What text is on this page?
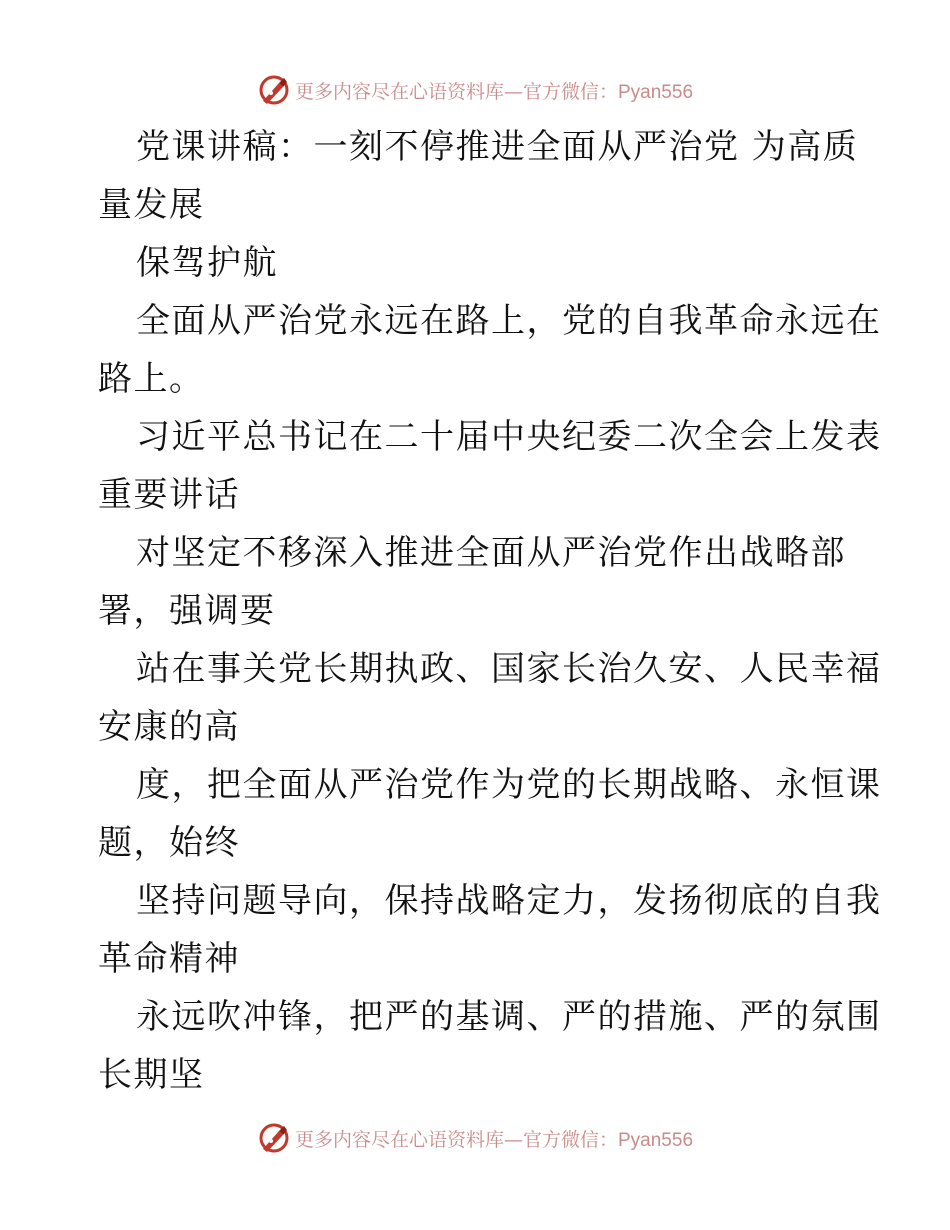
更多内容尽在心语资料库—官方微信：Pyan556
党课讲稿：一刻不停推进全面从严治党 为高质
量发展
保驾护航
全面从严治党永远在路上，党的自我革命永远在
路上。
习近平总书记在二十届中央纪委二次全会上发表
重要讲话
对坚定不移深入推进全面从严治党作出战略部
署，强调要
站在事关党长期执政、国家长治久安、人民幸福
安康的高
度，把全面从严治党作为党的长期战略、永恒课
题，始终
坚持问题导向，保持战略定力，发扬彻底的自我
革命精神
永远吹冲锋，把严的基调、严的措施、严的氛围
长期坚
更多内容尽在心语资料库—官方微信：Pyan556
